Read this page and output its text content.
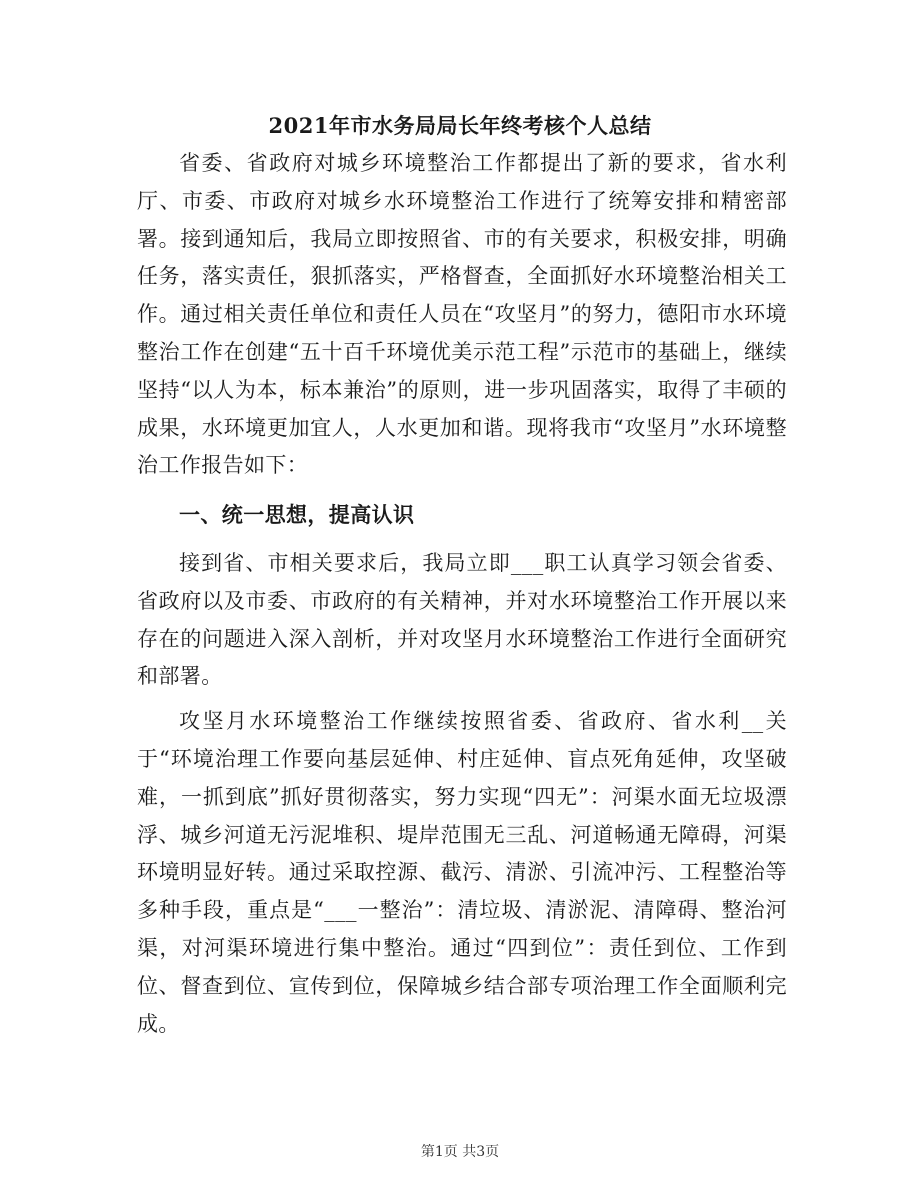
2021年市水务局局长年终考核个人总结

省委、省政府对城乡环境整治工作都提出了新的要求，省水利厅、市委、市政府对城乡水环境整治工作进行了统筹安排和精密部署。接到通知后，我局立即按照省、市的有关要求，积极安排，明确任务，落实责任，狠抓落实，严格督查，全面抓好水环境整治相关工作。通过相关责任单位和责任人员在“攻坚月”的努力，德阳市水环境整治工作在创建“五十百千环境优美示范工程”示范市的基础上，继续坚持“以人为本，标本兼治”的原则，进一步巩固落实，取得了丰硕的成果，水环境更加宜人，人水更加和谐。现将我市“攻坚月”水环境整治工作报告如下：

一、统一思想，提高认识

接到省、市相关要求后，我局立即___职工认真学习领会省委、省政府以及市委、市政府的有关精神，并对水环境整治工作开展以来存在的问题进入深入剖析，并对攻坚月水环境整治工作进行全面研究和部署。

攻坚月水环境整治工作继续按照省委、省政府、省水利__关于“环境治理工作要向基层延伸、村庄延伸、盲点死角延伸，攻坚破难，一抓到底”抓好贯彻落实，努力实现“四无”：河渠水面无垃圾漂浮、城乡河道无污泥堆积、堤岸范围无三乱、河道畅通无障碍，河渠环境明显好转。通过采取控源、截污、清淤、引流冲污、工程整治等多种手段，重点是“___一整治”：清垃圾、清淤泥、清障碍、整治河渠，对河渠环境进行集中整治。通过“四到位”：责任到位、工作到位、督查到位、宣传到位，保障城乡结合部专项治理工作全面顺利完成。

第1页 共3页
